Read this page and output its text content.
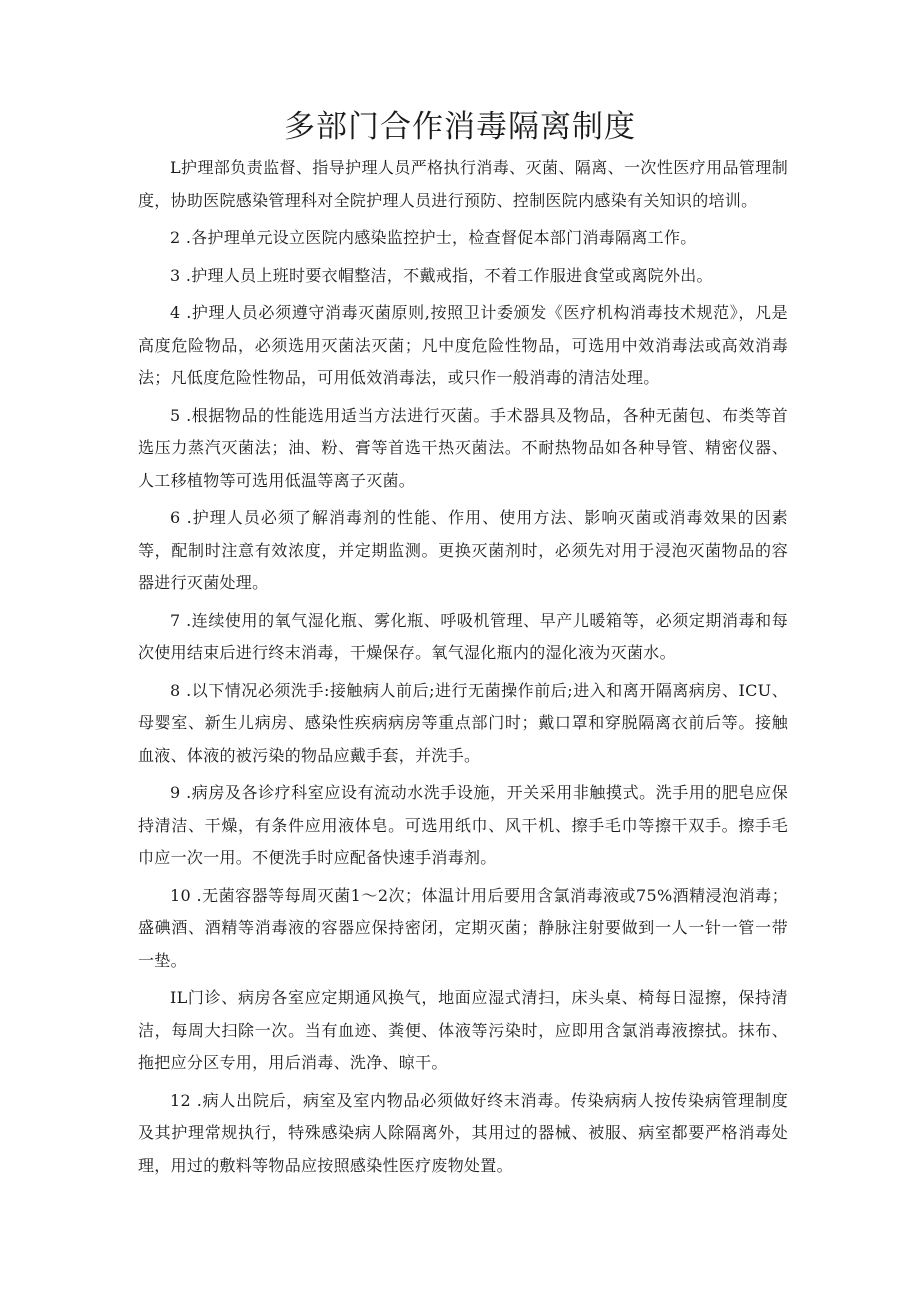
多部门合作消毒隔离制度

L护理部负责监督、指导护理人员严格执行消毒、灭菌、隔离、一次性医疗用品管理制度，协助医院感染管理科对全院护理人员进行预防、控制医院内感染有关知识的培训。

2 .各护理单元设立医院内感染监控护士，检查督促本部门消毒隔离工作。

3 .护理人员上班时要衣帽整洁，不戴戒指，不着工作服进食堂或离院外出。

4 .护理人员必须遵守消毒灭菌原则,按照卫计委颁发《医疗机构消毒技术规范》，凡是高度危险物品，必须选用灭菌法灭菌；凡中度危险性物品，可选用中效消毒法或高效消毒法；凡低度危险性物品，可用低效消毒法，或只作一般消毒的清洁处理。

5 .根据物品的性能选用适当方法进行灭菌。手术器具及物品，各种无菌包、布类等首选压力蒸汽灭菌法；油、粉、膏等首选干热灭菌法。不耐热物品如各种导管、精密仪器、人工移植物等可选用低温等离子灭菌。

6 .护理人员必须了解消毒剂的性能、作用、使用方法、影响灭菌或消毒效果的因素等，配制时注意有效浓度，并定期监测。更换灭菌剂时，必须先对用于浸泡灭菌物品的容器进行灭菌处理。

7 .连续使用的氧气湿化瓶、雾化瓶、呼吸机管理、早产儿暖箱等，必须定期消毒和每次使用结束后进行终末消毒，干燥保存。氧气湿化瓶内的湿化液为灭菌水。

8 .以下情况必须洗手:接触病人前后;进行无菌操作前后;进入和离开隔离病房、ICU、母婴室、新生儿病房、感染性疾病病房等重点部门时；戴口罩和穿脱隔离衣前后等。接触血液、体液的被污染的物品应戴手套，并洗手。

9 .病房及各诊疗科室应设有流动水洗手设施，开关采用非触摸式。洗手用的肥皂应保持清洁、干燥，有条件应用液体皂。可选用纸巾、风干机、擦手毛巾等擦干双手。擦手毛巾应一次一用。不便洗手时应配备快速手消毒剂。

10 .无菌容器等每周灭菌1～2次；体温计用后要用含氯消毒液或75%酒精浸泡消毒；盛碘酒、酒精等消毒液的容器应保持密闭，定期灭菌；静脉注射要做到一人一针一管一带一垫。

IL门诊、病房各室应定期通风换气，地面应湿式清扫，床头桌、椅每日湿擦，保持清洁，每周大扫除一次。当有血迹、粪便、体液等污染时，应即用含氯消毒液擦拭。抹布、拖把应分区专用，用后消毒、洗净、晾干。

12 .病人出院后，病室及室内物品必须做好终末消毒。传染病病人按传染病管理制度及其护理常规执行，特殊感染病人除隔离外，其用过的器械、被服、病室都要严格消毒处理，用过的敷料等物品应按照感染性医疗废物处置。
